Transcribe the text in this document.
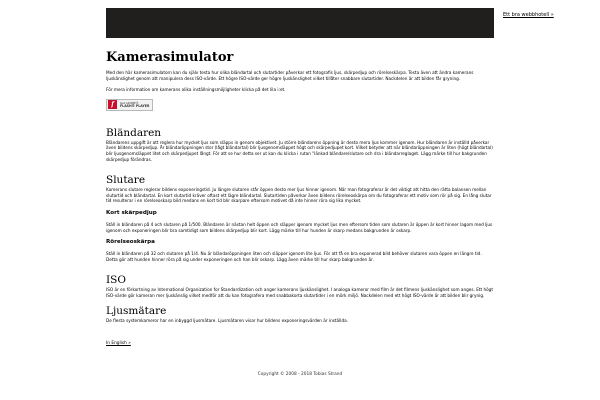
Ett bra webbhotell »
Kamerasimulator

Med den här kamerasimulatorn kan du själv testa hur olika bländartal och slutartider påverkar ett fotografis ljus, skärpedjup och rörelseskärpa. Testa även att ändra kamerans ljuskänslighet genom att manipulera dess ISO-värde. Ett högre ISO-värde ger högre ljuskänslighet vilket tillåter snabbare slutartider. Nackdelen är att bilden får gryning.

För mera information om kamerans olika inställningsmöjligheter klicka på det lila i:et.

f	Get ADOBE®
FLASH® PLAYER
Bländaren

Bländarens uppgift är att reglera hur mycket ljus som släpps in genom objektivet. Ju större bländarens öppning är desto mera ljus kommer igenom. Hur bländaren är inställd påverkar även bildens skärpedjup. Är bländaröppningen stor (lågt bländartal) blir ljusgenomsläppet högt och skärpedjupet kort. Vilket betyder att när bländaröppningen är liten (högt bländartal) blir ljusgenomsläppet litet och skärpedjupet långt. För att se hur detta ser ut kan du klicka i rutan "länkad bländare/slutare och dra i bländarreglaget. Lägg märke till hur bakgrunden skärpedjup förändras.

Slutare

Kamerans slutare reglerar bildens exponeringstid. Ju längre slutaren står öppen desto mer ljus hinner igenom. När man fotograferar är det viktigt att hitta den rätta balansen mellan slutartid och bländartal. En kort slutartid kräver oftast ett lägre bländartal. Slutartiden påverkar även bildens rörelseoskärpa om du fotograferar ett motiv som rör på sig. En lång slutar tid resulterar i en rörelseoskarp bild medans en kort tid blir skarpare eftersom motivet då inte hinner röra sig lika mycket.

Kort skärpedjup

Ställ in bländaren på 4 och slutaren på 1/500. Bländaren är nästan helt öppen och släpper igenom mycket ljus men eftersom tiden som slutaren är öppen är kort hinner lagom med ljus igenom och exponeringen blir bra samtidigt som bildens skärpedjup blir kort. Lägg märke till hur hunden är skarp medans bakgrunden är oskarp.

Rörelseoskärpa

Ställ in bländaren på 32 och slutaren på 1/4. Nu är bländaröppningen liten och släpper igenom lite ljus. För att få en bra exponerad bild behöver slutaren vara öppen en längre tid. Detta gör att hunden hinner röra på sig under exponeringen och han blir oskarp. Lägg även märke till hur skarp bakgrunden är.

ISO

ISO är en förkortning av International Organization for Standardization och anger kamerans ljuskänslighet. I analoga kameror med film är det filmens ljuskänslighet som anges. Ett högt ISO-värde gör kameran mer ljuskänslig vilket medför att du kan fotografera med snabbakorta slutartider i en mörk miljö. Nackdelen med ett högt ISO-värde är att bilden blir grynig.

Ljusmätare

De flesta systemkameror har en inbyggd ljusmätare. Ljusmätaren visar hur bildens exponeringsvärden är inställda.

In English »
Copyright © 2008 - 2018 Tobias Strand
